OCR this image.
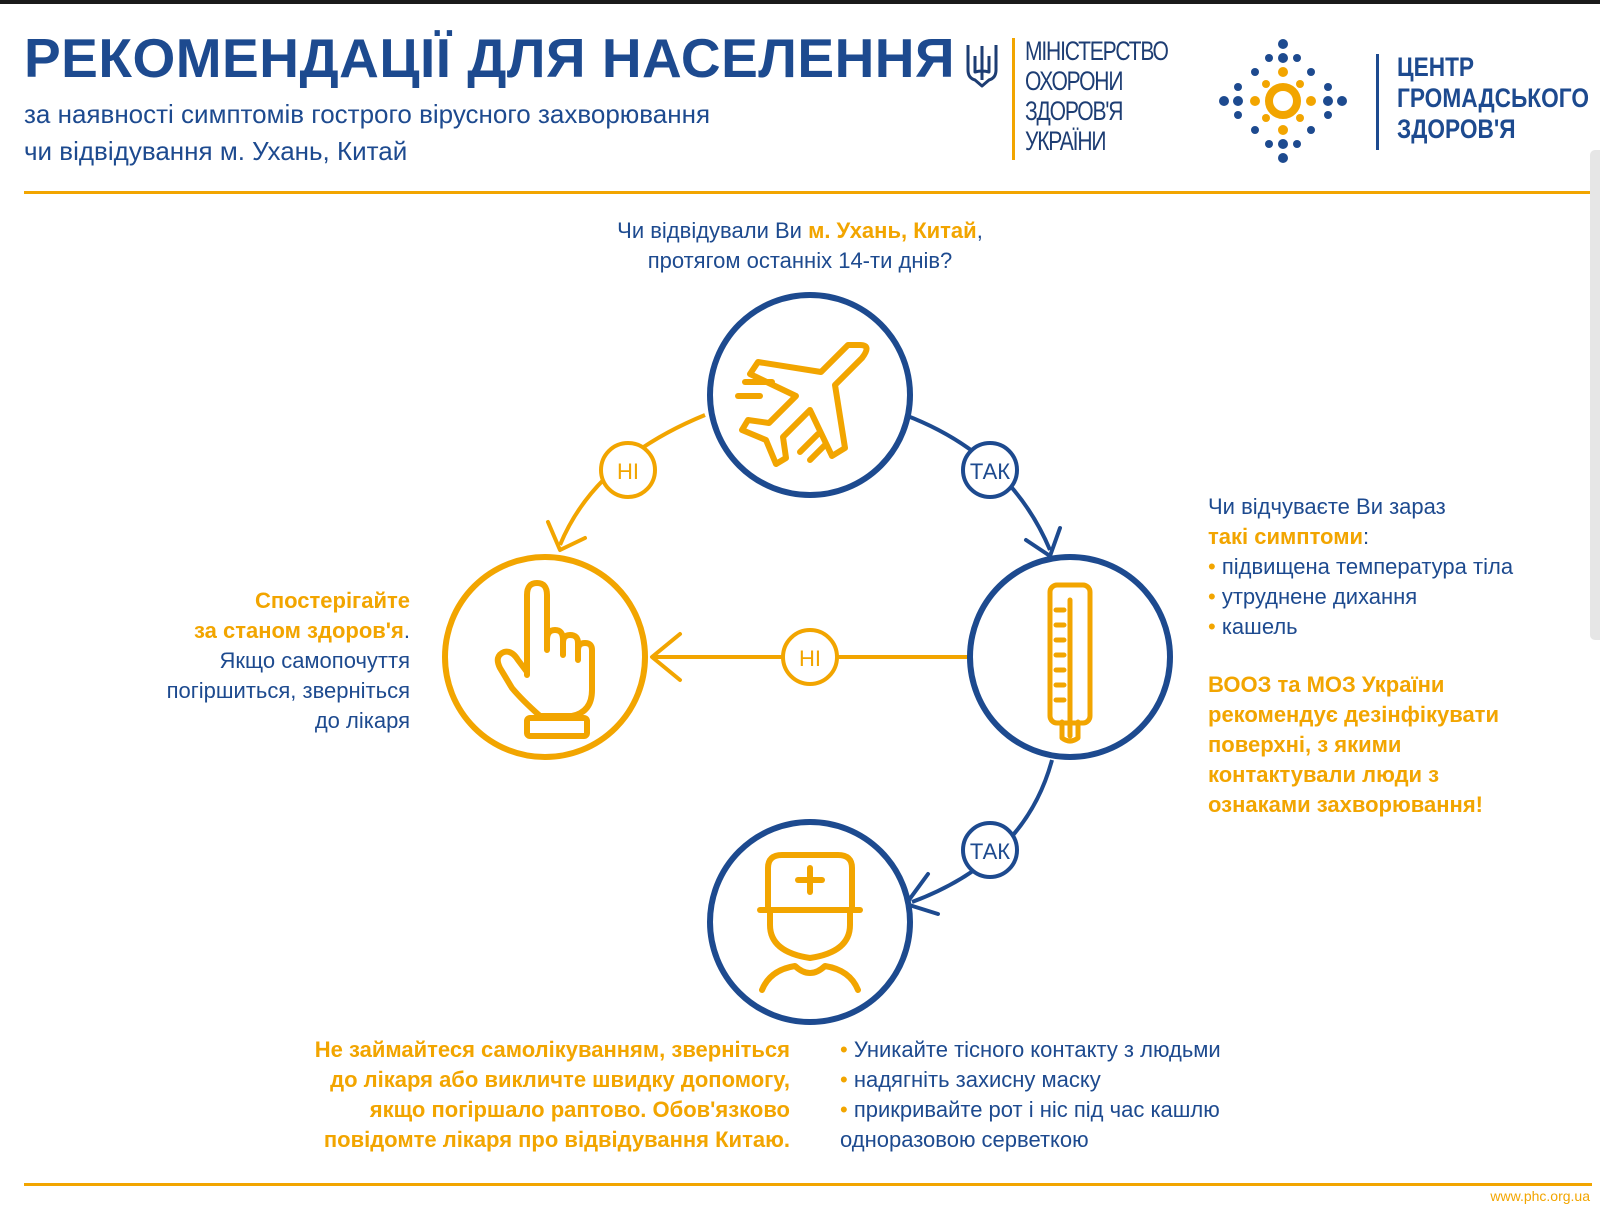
РЕКОМЕНДАЦІЇ ДЛЯ НАСЕЛЕННЯ

за наявності симптомів гострого вірусного захворювання
чи відвідування м. Ухань, Китай

МІНІСТЕРСТВО
ОХОРОНИ
ЗДОРОВ'Я
УКРАЇНИ

ЦЕНТР
ГРОМАДСЬКОГО
ЗДОРОВ'Я

НІ	ТАК
НІ
ТАК

Чи відвідували Ви м. Ухань, Китай,
протягом останніх 14-ти днів?

Спостерігайте
за станом здоров'я.
Якщо самопочуття
погіршиться, зверніться
до лікаря

Чи відчуваєте Ви зараз
такі симптоми:
• підвищена температура тіла
• утруднене дихання
• кашель

ВООЗ та МОЗ України
рекомендує дезінфікувати
поверхні, з якими
контактували люди з
ознаками захворювання!

Не займайтеся самолікуванням, зверніться
до лікаря або викличте швидку допомогу,
якщо погіршало раптово. Обов'язково
повідомте лікаря про відвідування Китаю.

• Уникайте тісного контакту з людьми
• надягніть захисну маску
• прикривайте рот і ніс під час кашлю
одноразовою серветкою

www.phc.org.ua
